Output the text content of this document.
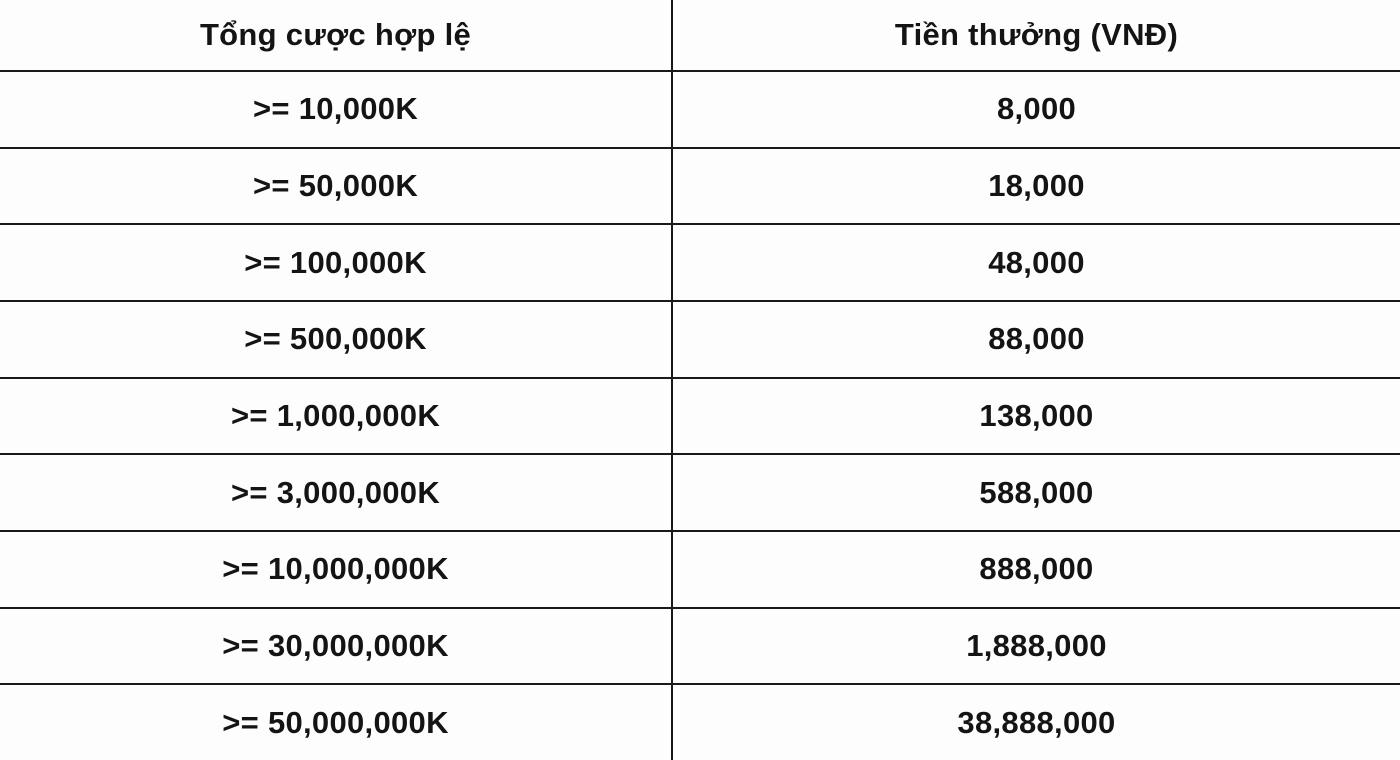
Tổng cược hợp lệ	Tiền thưởng (VNĐ)
>= 10,000K	8,000
>= 50,000K	18,000
>= 100,000K	48,000
>= 500,000K	88,000
>= 1,000,000K	138,000
>= 3,000,000K	588,000
>= 10,000,000K	888,000
>= 30,000,000K	1,888,000
>= 50,000,000K	38,888,000
